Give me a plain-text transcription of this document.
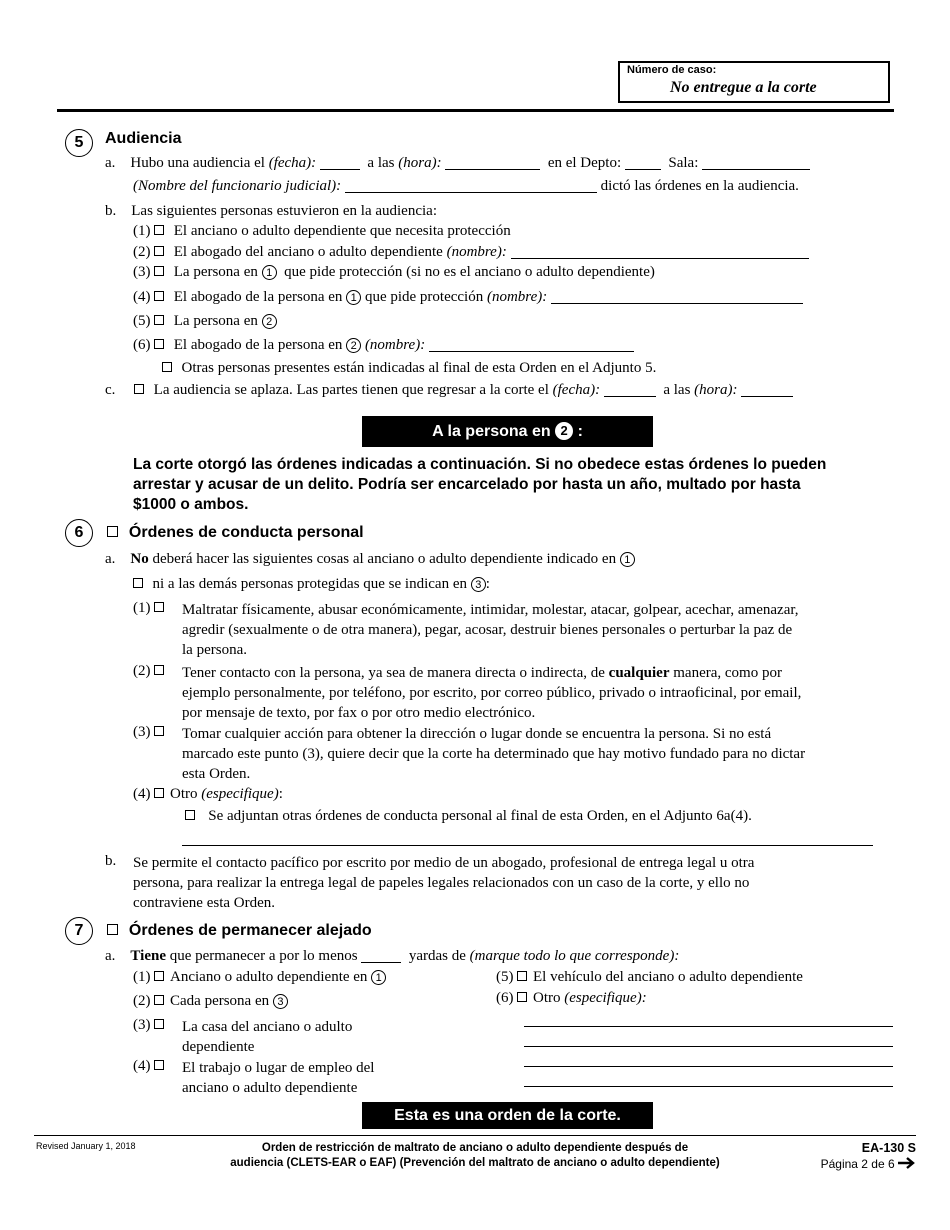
Número de caso:
No entregue a la corte
5	Audiencia
a. Hubo una audiencia el (fecha):	a las (hora):	en el Depto:	Sala:
(Nombre del funcionario judicial):	dictó las órdenes en la audiencia.
b. Las siguientes personas estuvieron en la audiencia:
(1) El anciano o adulto dependiente que necesita protección
(2) El abogado del anciano o adulto dependiente (nombre):
(3) La persona en 1 que pide protección (si no es el anciano o adulto dependiente)
(4) El abogado de la persona en 1 que pide protección (nombre):
(5) La persona en 2
(6) El abogado de la persona en 2 (nombre):
Otras personas presentes están indicadas al final de esta Orden en el Adjunto 5.
c.	La audiencia se aplaza. Las partes tienen que regresar a la corte el (fecha):	a las (hora):
A la persona en 2 :
La corte otorgó las órdenes indicadas a continuación. Si no obedece estas órdenes lo pueden
arrestar y acusar de un delito. Podría ser encarcelado por hasta un año, multado por hasta
$1000 o ambos.
6	Órdenes de conducta personal
a. No deberá hacer las siguientes cosas al anciano o adulto dependiente indicado en 1
ni a las demás personas protegidas que se indican en 3 :
(1)	Maltratar físicamente, abusar económicamente, intimidar, molestar, atacar, golpear, acechar, amenazar,
agredir (sexualmente o de otra manera), pegar, acosar, destruir bienes personales o perturbar la paz de
la persona.
(2)	Tener contacto con la persona, ya sea de manera directa o indirecta, de cualquier manera, como por
ejemplo personalmente, por teléfono, por escrito, por correo público, privado o intraoficinal, por email,
por mensaje de texto, por fax o por otro medio electrónico.
(3)	Tomar cualquier acción para obtener la dirección o lugar donde se encuentra la persona. Si no está
marcado este punto (3), quiere decir que la corte ha determinado que hay motivo fundado para no dictar
esta Orden.
(4) Otro (especifique):
Se adjuntan otras órdenes de conducta personal al final de esta Orden, en el Adjunto 6a(4).
b. Se permite el contacto pacífico por escrito por medio de un abogado, profesional de entrega legal u otra
persona, para realizar la entrega legal de papeles legales relacionados con un caso de la corte, y ello no
contraviene esta Orden.
7	Órdenes de permanecer alejado
a. Tiene que permanecer a por lo menos	yardas de (marque todo lo que corresponde):
(1) Anciano o adulto dependiente en 1
(2) Cada persona en 3
(3)	La casa del anciano o adulto
dependiente
(4)	El trabajo o lugar de empleo del
anciano o adulto dependiente
(5) El vehículo del anciano o adulto dependiente
(6) Otro (especifique):
Esta es una orden de la corte.
Revised January 1, 2018	Orden de restricción de maltrato de anciano o adulto dependiente después de
audiencia (CLETS-EAR o EAF) (Prevención del maltrato de anciano o adulto dependiente)
EA-130 S
Página 2 de 6
